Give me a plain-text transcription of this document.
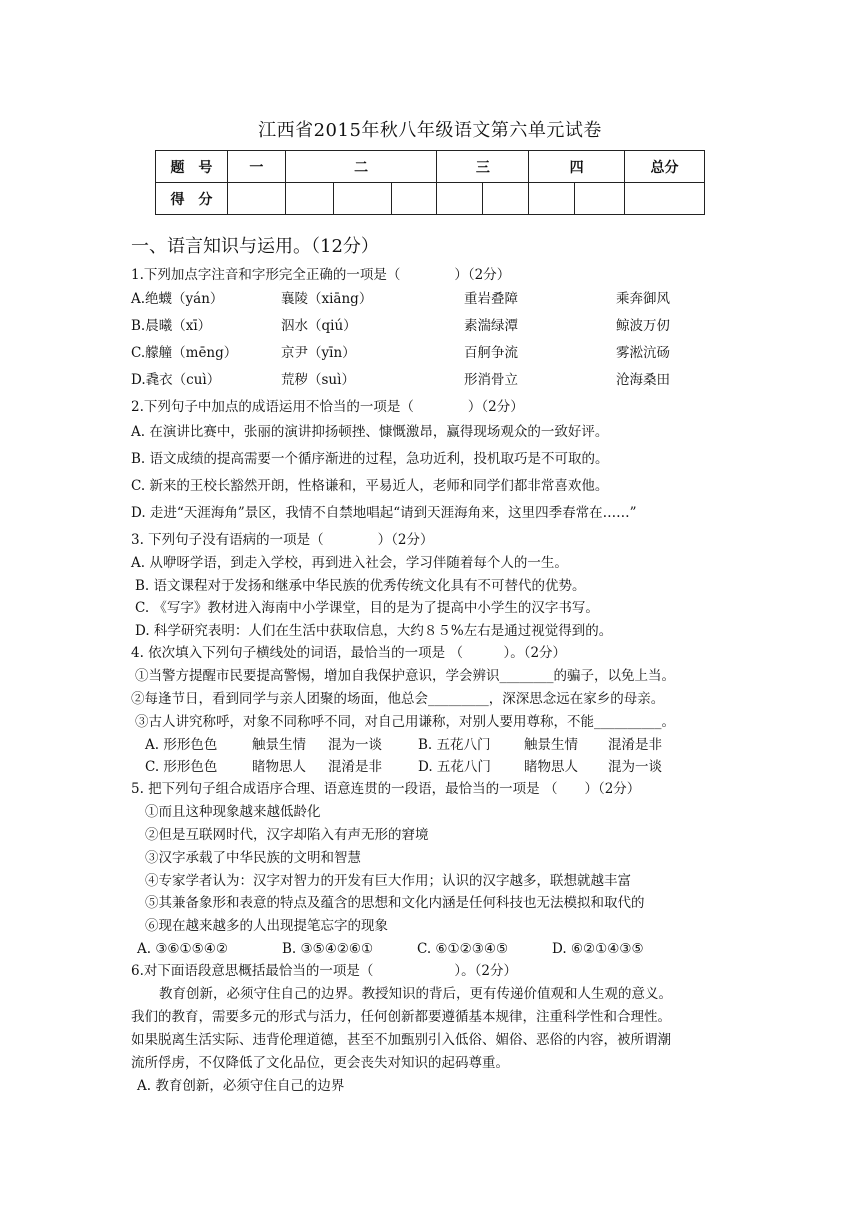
江西省2015年秋八年级语文第六单元试卷
题　号	一	二			三		四		总分
得　分									
一、语言知识与运用。（12分）
1.下列加点字注音和字形完全正确的一项是（　　　　）（2分）
A.绝蠛（yán）	襄陵（xiāng）	重岩叠障	乘奔御风
B.晨曦（xī）	泅水（qiú）	素湍绿潭	鲸波万仞
C.艨艟（mēng）	京尹（yīn）	百舸争流	雾淞沆砀
D.毳衣（cuì）	荒秽（suì）	形消骨立	沧海桑田
2.下列句子中加点的成语运用不恰当的一项是（　　　　）（2分）
A. 在演讲比赛中，张丽的演讲抑扬顿挫、慷慨激昂，赢得现场观众的一致好评。
B. 语文成绩的提高需要一个循序渐进的过程，急功近利，投机取巧是不可取的。
C. 新来的王校长豁然开朗，性格谦和，平易近人，老师和同学们都非常喜欢他。
D. 走进“天涯海角”景区，我情不自禁地唱起“请到天涯海角来，这里四季春常在……”
3. 下列句子没有语病的一项是（　　　　）（2分）
A. 从咿呀学语，到走入学校，再到进入社会，学习伴随着每个人的一生。
B. 语文课程对于发扬和继承中华民族的优秀传统文化具有不可替代的优势。
C. 《写字》教材进入海南中小学课堂，目的是为了提高中小学生的汉字书写。
D. 科学研究表明：人们在生活中获取信息，大约８５%左右是通过视觉得到的。
4. 依次填入下列句子横线处的词语，最恰当的一项是 （　　　）。（2分）
①当警方提醒市民要提高警惕，增加自我保护意识，学会辨识________的骗子，以免上当。
②每逢节日，看到同学与亲人团聚的场面，他总会_________，深深思念远在家乡的母亲。
③古人讲究称呼，对象不同称呼不同，对自己用谦称，对别人要用尊称，不能__________。
A. 形形色色	触景生情 混为一谈	B. 五花八门 触景生情 混淆是非
C. 形形色色	睹物思人 混淆是非	D. 五花八门 睹物思人 混为一谈
5. 把下列句子组合成语序合理、语意连贯的一段语，最恰当的一项是 （　　）（2分）
①而且这种现象越来越低龄化
②但是互联网时代，汉字却陷入有声无形的窘境
③汉字承载了中华民族的文明和智慧
④专家学者认为：汉字对智力的开发有巨大作用；认识的汉字越多，联想就越丰富
⑤其兼备象形和表意的特点及蕴含的思想和文化内涵是任何科技也无法模拟和取代的
⑥现在越来越多的人出现提笔忘字的现象
A. ③⑥①⑤④②	B. ③⑤④②⑥①	C. ⑥①②③④⑤	D. ⑥②①④③⑤
6.对下面语段意思概括最恰当的一项是（　　　　　　）。（2分）
教育创新，必须守住自己的边界。教授知识的背后，更有传递价值观和人生观的意义。
我们的教育，需要多元的形式与活力，任何创新都要遵循基本规律，注重科学性和合理性。
如果脱离生活实际、违背伦理道德，甚至不加甄别引入低俗、媚俗、恶俗的内容，被所谓潮
流所俘虏，不仅降低了文化品位，更会丧失对知识的起码尊重。
A. 教育创新，必须守住自己的边界
